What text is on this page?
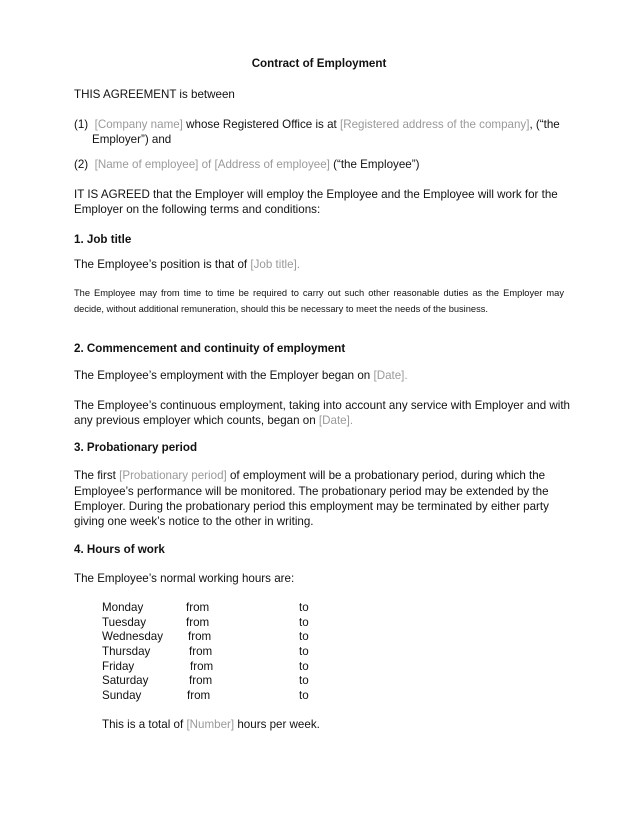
Contract of Employment
THIS AGREEMENT is between
(1) [Company name] whose Registered Office is at [Registered address of the company], (“the
Employer”) and
(2) [Name of employee] of [Address of employee] (“the Employee”)
IT IS AGREED that the Employer will employ the Employee and the Employee will work for the
Employer on the following terms and conditions:
1. Job title
The Employee’s position is that of [Job title].
The Employee may from time to time be required to carry out such other reasonable duties as the Employer may decide, without additional remuneration, should this be necessary to meet the needs of the business.
2. Commencement and continuity of employment
The Employee’s employment with the Employer began on [Date].
The Employee’s continuous employment, taking into account any service with Employer and with
any previous employer which counts, began on [Date].
3. Probationary period
The first [Probationary period] of employment will be a probationary period, during which the
Employee’s performance will be monitored. The probationary period may be extended by the
Employer. During the probationary period this employment may be terminated by either party
giving one week’s notice to the other in writing.
4. Hours of work
The Employee’s normal working hours are:
Monday	from	to
Tuesday	from	to
Wednesday from	to
Thursday	from	to
Friday	from	to
Saturday	from	to
Sunday	from	to
This is a total of [Number] hours per week.
